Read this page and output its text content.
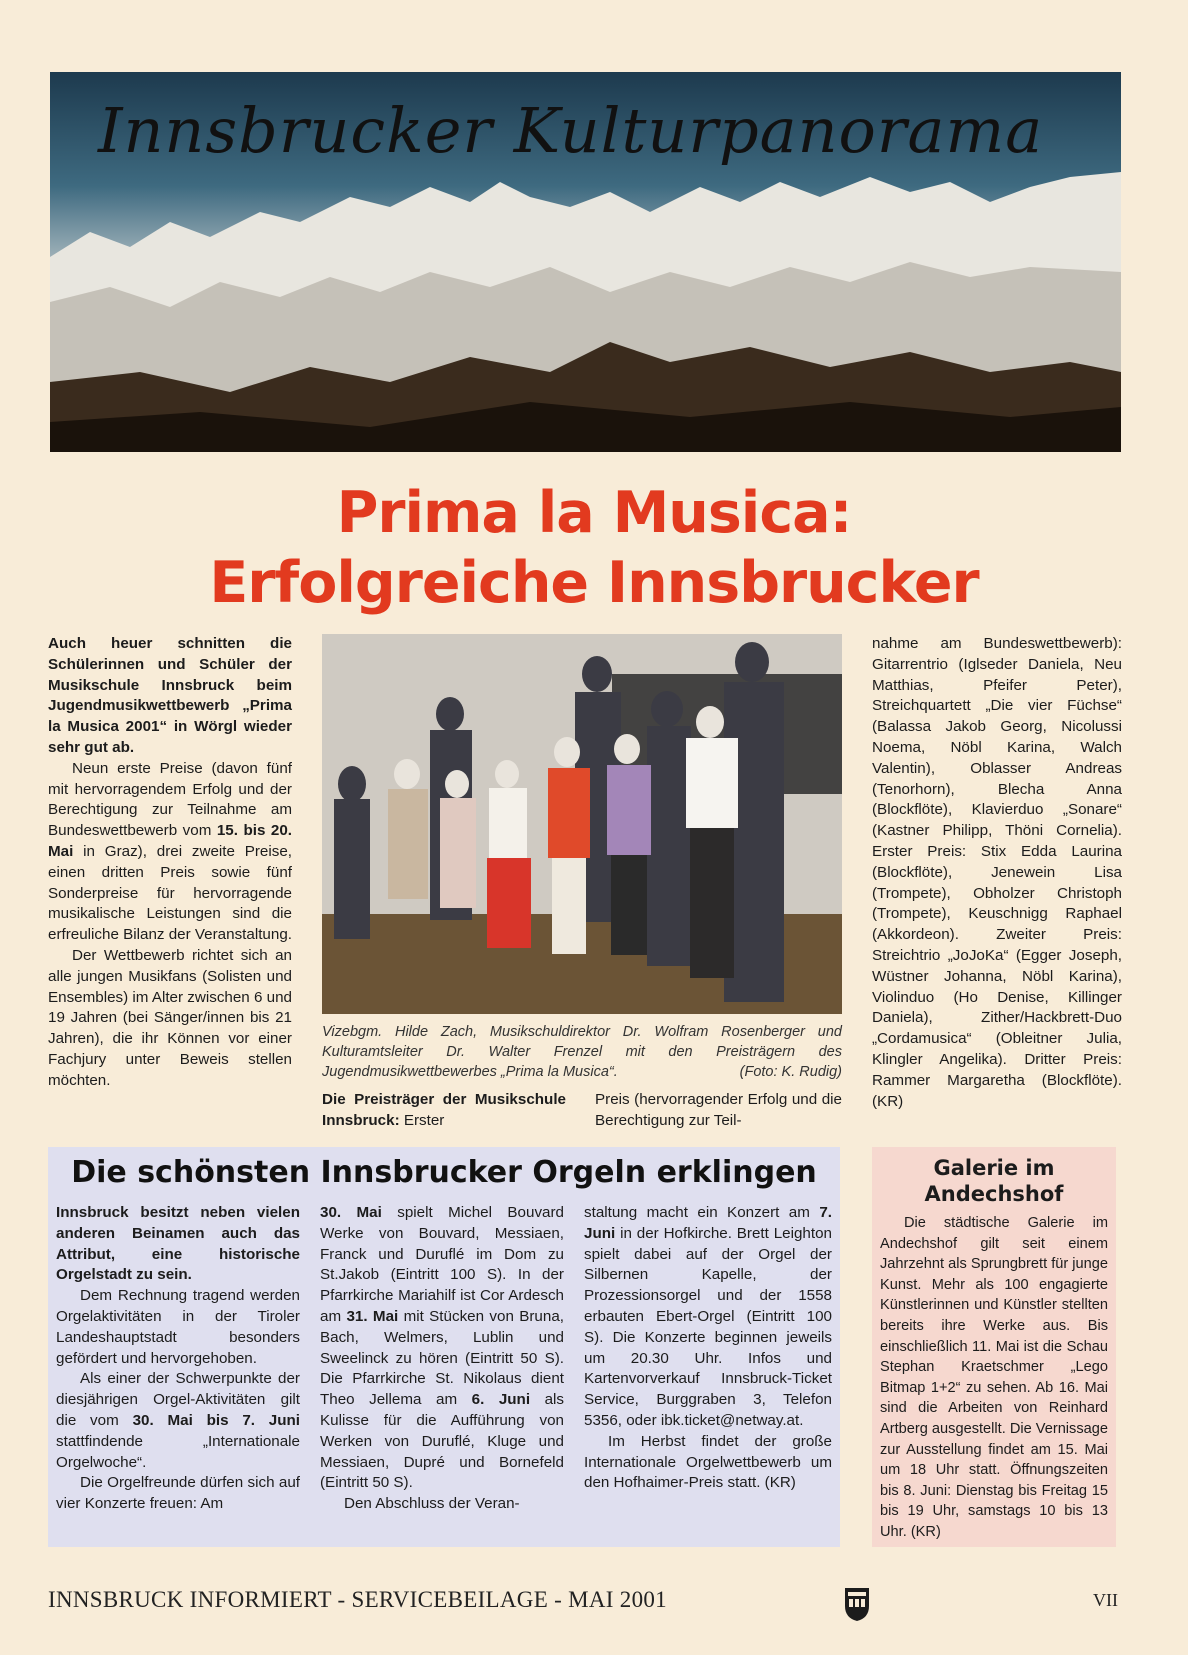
Innsbrucker Kulturpanorama
Prima la Musica:
Erfolgreiche Innsbrucker

Auch heuer schnitten die Schülerinnen und Schüler der Musikschule Innsbruck beim Jugendmusikwettbewerb „Prima la Musica 2001“ in Wörgl wieder sehr gut ab.

Neun erste Preise (davon fünf mit hervorragendem Erfolg und der Berechtigung zur Teilnahme am Bundeswettbewerb vom 15. bis 20. Mai in Graz), drei zweite Preise, einen dritten Preis sowie fünf Sonderpreise für hervorragende musikalische Leistungen sind die erfreuliche Bilanz der Veranstaltung.

Der Wettbewerb richtet sich an alle jungen Musikfans (Solisten und Ensembles) im Alter zwischen 6 und 19 Jahren (bei Sänger/innen bis 21 Jahren), die ihr Können vor einer Fachjury unter Beweis stellen möchten.

Vizebgm. Hilde Zach, Musikschuldirektor Dr. Wolfram Rosenberger und Kulturamtsleiter Dr. Walter Frenzel mit den Preisträgern des Jugendmusikwettbewerbes „Prima la Musica“.	(Foto: K. Rudig)

Die Preisträger der Musikschule Innsbruck: Erster

Preis (hervorragender Erfolg und die Berechtigung zur Teil-

nahme am Bundeswettbewerb): Gitarrentrio (Iglseder Daniela, Neu Matthias, Pfeifer Peter), Streichquartett „Die vier Füchse“ (Balassa Jakob Georg, Nicolussi Noema, Nöbl Karina, Walch Valentin), Oblasser Andreas (Tenorhorn), Blecha Anna (Blockflöte), Klavierduo „Sonare“ (Kastner Philipp, Thöni Cornelia). Erster Preis: Stix Edda Laurina (Blockflöte), Jenewein Lisa (Trompete), Obholzer Christoph (Trompete), Keuschnigg Raphael (Akkordeon). Zweiter Preis: Streichtrio „JoJoKa“ (Egger Joseph, Wüstner Johanna, Nöbl Karina), Violinduo (Ho Denise, Killinger Daniela), Zither/Hackbrett-Duo „Cordamusica“ (Obleitner Julia, Klingler Angelika). Dritter Preis: Rammer Margaretha (Blockflöte). (KR)

Die schönsten Innsbrucker Orgeln erklingen

Innsbruck besitzt neben vielen anderen Beinamen auch das Attribut, eine historische Orgelstadt zu sein.

Dem Rechnung tragend werden Orgelaktivitäten in der Tiroler Landeshauptstadt besonders gefördert und hervorgehoben.

Als einer der Schwerpunkte der diesjährigen Orgel-Aktivitäten gilt die vom 30. Mai bis 7. Juni stattfindende „Internationale Orgelwoche“.

Die Orgelfreunde dürfen sich auf vier Konzerte freuen: Am

30. Mai spielt Michel Bouvard Werke von Bouvard, Messiaen, Franck und Duruflé im Dom zu St.Jakob (Eintritt 100 S). In der Pfarrkirche Mariahilf ist Cor Ardesch am 31. Mai mit Stücken von Bruna, Bach, Welmers, Lublin und Sweelinck zu hören (Eintritt 50 S). Die Pfarrkirche St. Nikolaus dient Theo Jellema am 6. Juni als Kulisse für die Aufführung von Werken von Duruflé, Kluge und Messiaen, Dupré und Bornefeld (Eintritt 50 S).

Den Abschluss der Veran-

staltung macht ein Konzert am 7. Juni in der Hofkirche. Brett Leighton spielt dabei auf der Orgel der Silbernen Kapelle, der Prozessionsorgel und der 1558 erbauten Ebert-Orgel (Eintritt 100 S). Die Konzerte beginnen jeweils um 20.30 Uhr. Infos und Kartenvorverkauf Innsbruck-Ticket Service, Burggraben 3, Telefon 5356, oder ibk.ticket@netway.at.

Im Herbst findet der große Internationale Orgelwettbewerb um den Hofhaimer-Preis statt. (KR)

Galerie im
Andechshof

Die städtische Galerie im Andechshof gilt seit einem Jahrzehnt als Sprungbrett für junge Kunst. Mehr als 100 engagierte Künstlerinnen und Künstler stellten bereits ihre Werke aus. Bis einschließlich 11. Mai ist die Schau Stephan Kraetschmer „Lego Bitmap 1+2“ zu sehen. Ab 16. Mai sind die Arbeiten von Reinhard Artberg ausgestellt. Die Vernissage zur Ausstellung findet am 15. Mai um 18 Uhr statt. Öffnungszeiten bis 8. Juni: Dienstag bis Freitag 15 bis 19 Uhr, samstags 10 bis 13 Uhr. (KR)

INNSBRUCK INFORMIERT - SERVICEBEILAGE - MAI 2001	VII
